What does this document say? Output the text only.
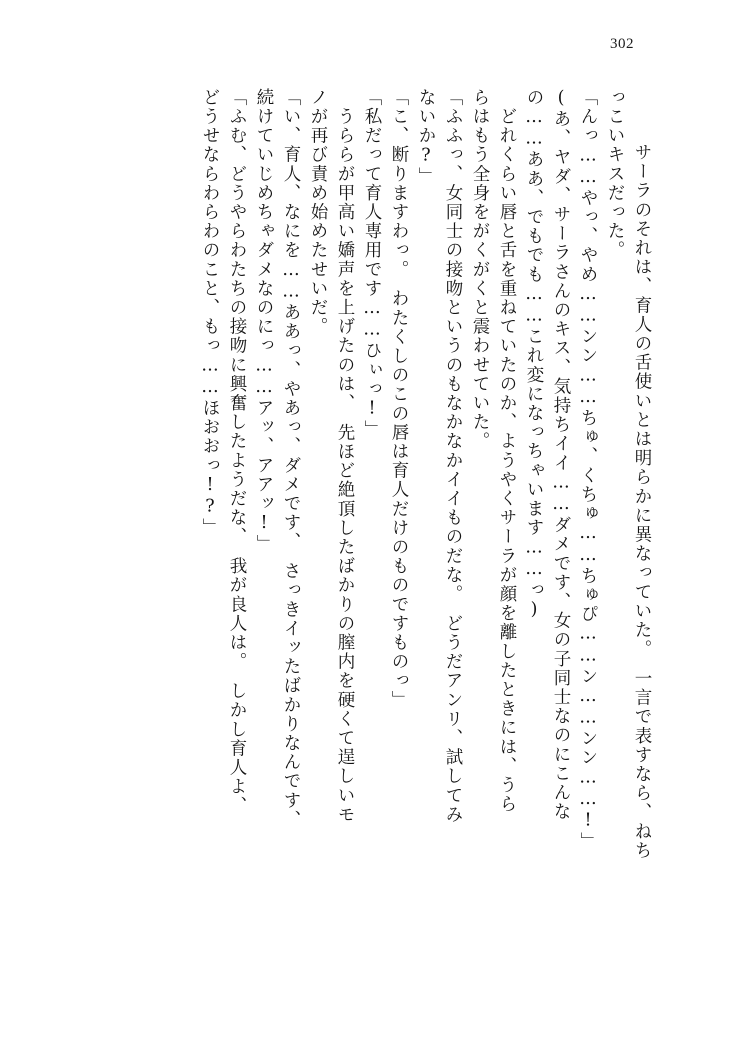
302
　サーラのそれは、育人の舌使いとは明らかに異なっていた。　一言で表すなら、ねち
っこいキスだった。
「んっ……やっ、やめ……ンン……ちゅ、くちゅ……ちゅぴ……ン……ンン……!」
(あ、ヤダ、サーラさんのキス、気持ちイイ……ダメです、女の子同士なのにこんな
の……ああ、でもでも……これ変になっちゃいます……っ)
　どれくらい唇と舌を重ねていたのか、ようやくサーラが顔を離したときには、うら
らはもう全身をがくがくと震わせていた。
「ふふっ、女同士の接吻というのもなかなかイイものだな。　どうだアンリ、試してみ
ないか?」
「こ、断りますわっ。　わたくしのこの唇は育人だけのものですものっ」
「私だって育人専用です……ひぃっ!」
　うららが甲高い嬌声を上げたのは、　先ほど絶頂したばかりの膣内を硬くて逞しいモ
ノが再び責め始めたせいだ。
「い、育人、なにを……ああっ、やあっ、ダメです、　さっきイッたばかりなんです、
続けていじめちゃダメなのにっ……アッ、アアッ!」
「ふむ、どうやらわたちの接吻に興奮したようだな、　我が良人は。　しかし育人よ、
どうせならわらわのこと、もっ……ほおおっ!?」
